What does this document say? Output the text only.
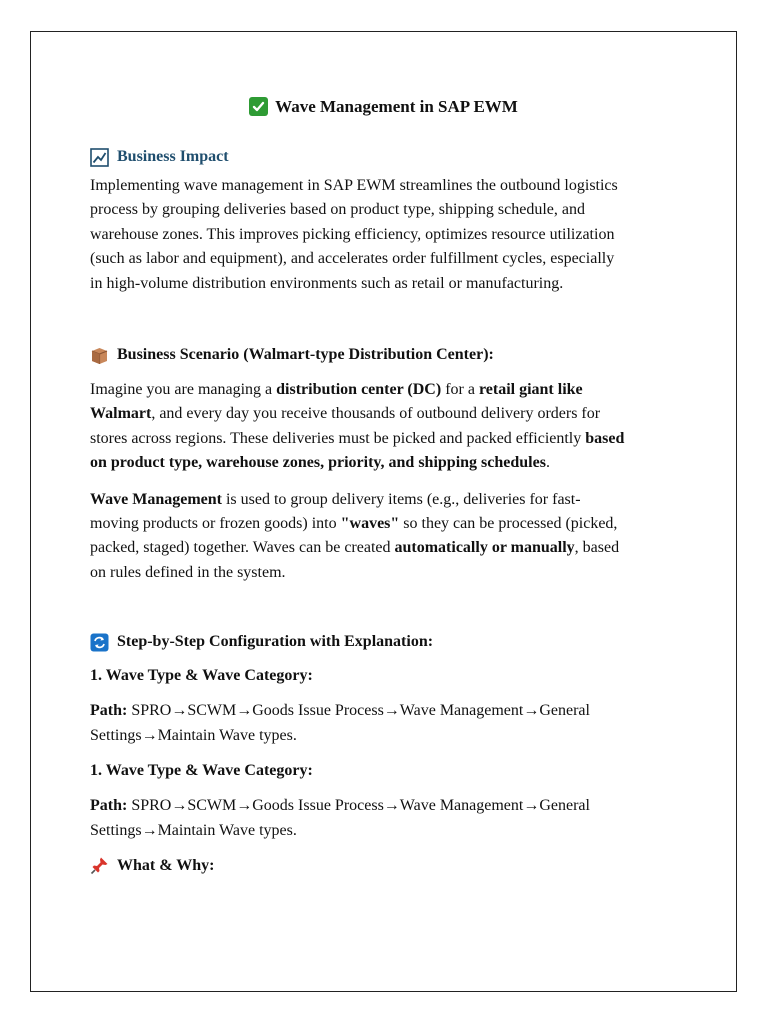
Wave Management in SAP EWM
Business Impact

Implementing wave management in SAP EWM streamlines the outbound logistics
process by grouping deliveries based on product type, shipping schedule, and
warehouse zones. This improves picking efficiency, optimizes resource utilization
(such as labor and equipment), and accelerates order fulfillment cycles, especially
in high-volume distribution environments such as retail or manufacturing.

Business Scenario (Walmart-type Distribution Center):

Imagine you are managing a distribution center (DC) for a retail giant like
Walmart, and every day you receive thousands of outbound delivery orders for
stores across regions. These deliveries must be picked and packed efficiently based
on product type, warehouse zones, priority, and shipping schedules.

Wave Management is used to group delivery items (e.g., deliveries for fast-
moving products or frozen goods) into "waves" so they can be processed (picked,
packed, staged) together. Waves can be created automatically or manually, based
on rules defined in the system.

Step-by-Step Configuration with Explanation:
1. Wave Type & Wave Category:

Path: SPRO→SCWM→Goods Issue Process→Wave Management→General
Settings→Maintain Wave types.

1. Wave Type & Wave Category:

Path: SPRO→SCWM→Goods Issue Process→Wave Management→General
Settings→Maintain Wave types.

What & Why:
